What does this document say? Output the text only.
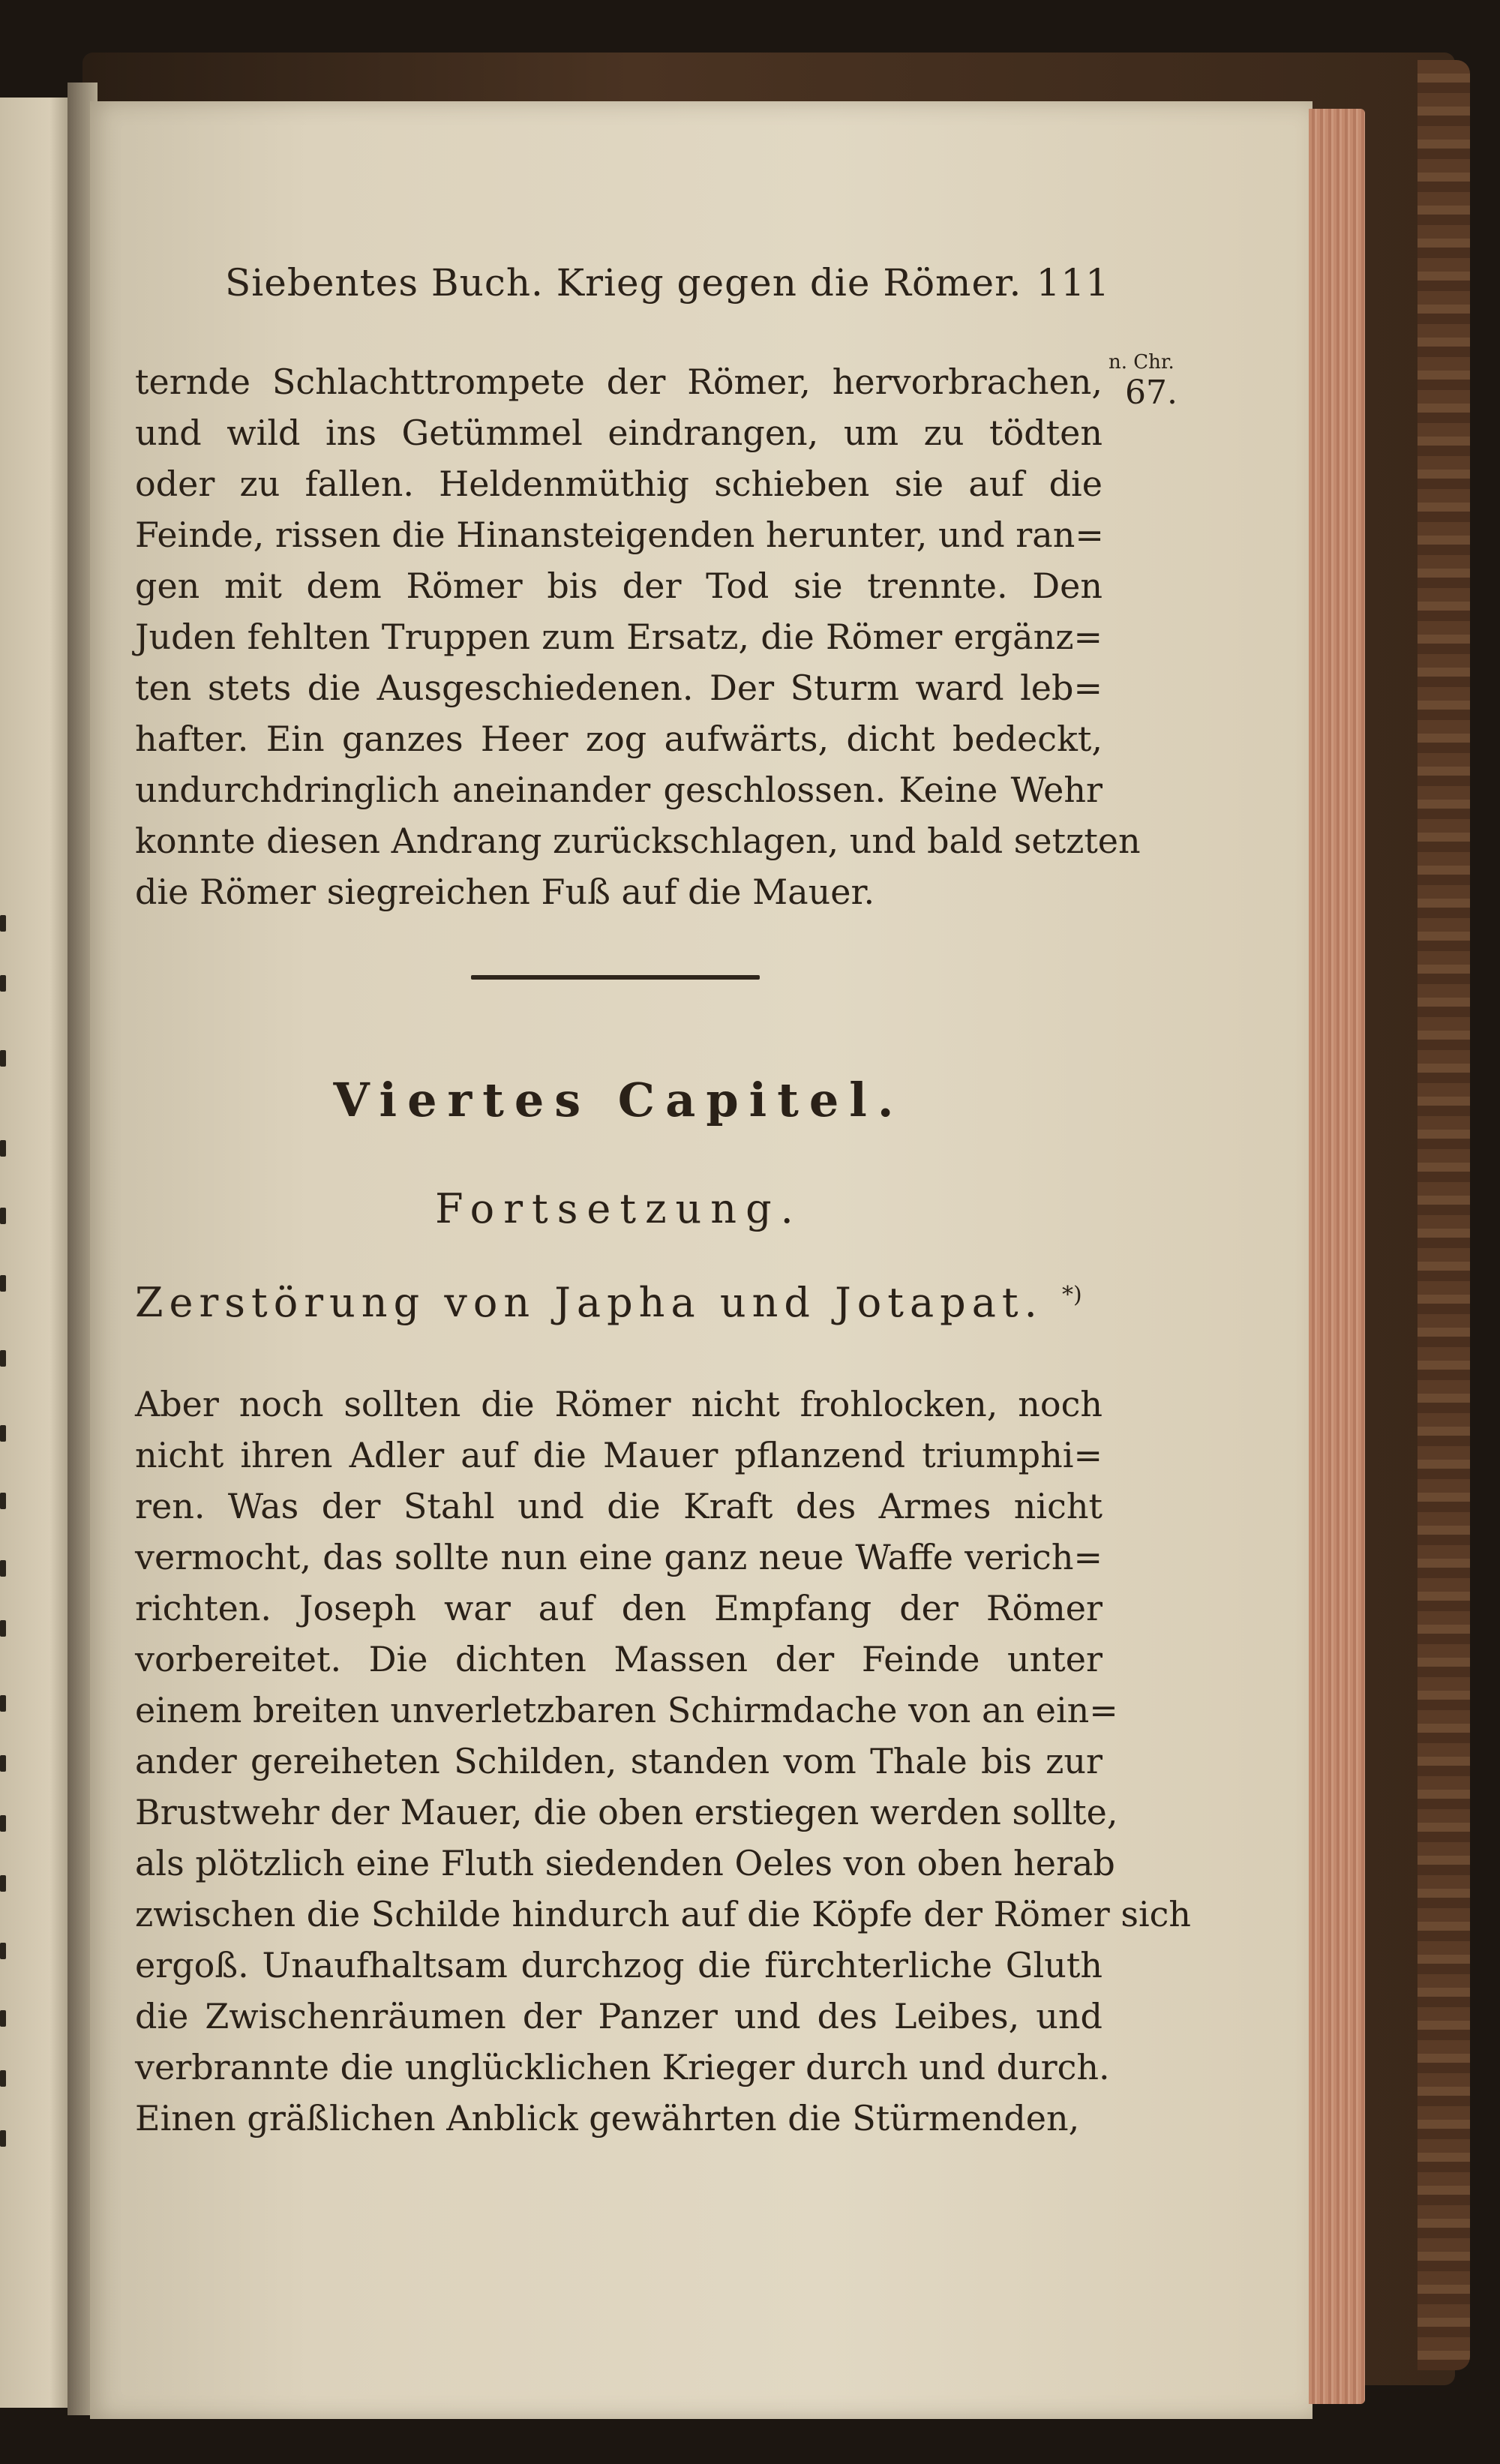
Siebentes Buch. Krieg gegen die Römer. 111
n. Chr.
67.
ternde Schlachttrompete der Römer, hervorbrachen,
und wild ins Getümmel eindrangen, um zu tödten
oder zu fallen. Heldenmüthig schieben sie auf die
Feinde, rissen die Hinansteigenden herunter, und ran=
gen mit dem Römer bis der Tod sie trennte. Den
Juden fehlten Truppen zum Ersatz, die Römer ergänz=
ten stets die Ausgeschiedenen. Der Sturm ward leb=
hafter. Ein ganzes Heer zog aufwärts, dicht bedeckt,
undurchdringlich aneinander geschlossen. Keine Wehr
konnte diesen Andrang zurückschlagen, und bald setzten
die Römer siegreichen Fuß auf die Mauer.
Viertes Capitel.
Fortsetzung.
Zerstörung von Japha und Jotapat. *)
Aber noch sollten die Römer nicht frohlocken, noch
nicht ihren Adler auf die Mauer pflanzend triumphi=
ren. Was der Stahl und die Kraft des Armes nicht
vermocht, das sollte nun eine ganz neue Waffe verich=
richten. Joseph war auf den Empfang der Römer
vorbereitet. Die dichten Massen der Feinde unter
einem breiten unverletzbaren Schirmdache von an ein=
ander gereiheten Schilden, standen vom Thale bis zur
Brustwehr der Mauer, die oben erstiegen werden sollte,
als plötzlich eine Fluth siedenden Oeles von oben herab
zwischen die Schilde hindurch auf die Köpfe der Römer sich
ergoß. Unaufhaltsam durchzog die fürchterliche Gluth
die Zwischenräumen der Panzer und des Leibes, und
verbrannte die unglücklichen Krieger durch und durch.
Einen gräßlichen Anblick gewährten die Stürmenden,
